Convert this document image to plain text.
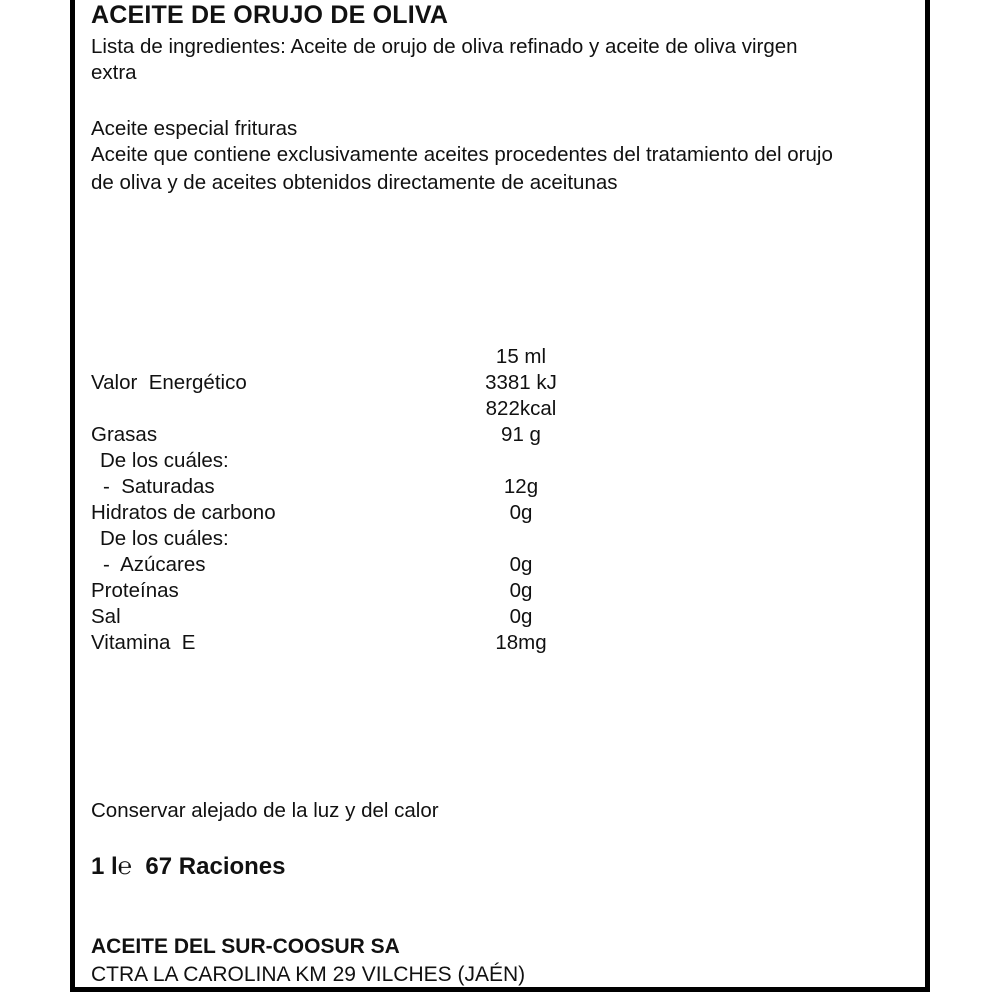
ACEITE DE ORUJO DE OLIVA
Lista de ingredientes: Aceite de orujo de oliva refinado y aceite de oliva virgen
extra
Aceite especial frituras
Aceite que contiene exclusivamente aceites procedentes del tratamiento del orujo
de oliva y de aceites obtenidos directamente de aceitunas
15 ml
Valor  Energético	3381 kJ
822kcal
Grasas	91 g
De los cuáles:
-  Saturadas	12g
Hidratos de carbono	0g
De los cuáles:
-  Azúcares	0g
Proteínas	0g
Sal	0g
Vitamina  E	18mg
Conservar alejado de la luz y del calor
1 l℮  67 Raciones
ACEITE DEL SUR-COOSUR SA
CTRA LA CAROLINA KM 29 VILCHES (JAÉN)
